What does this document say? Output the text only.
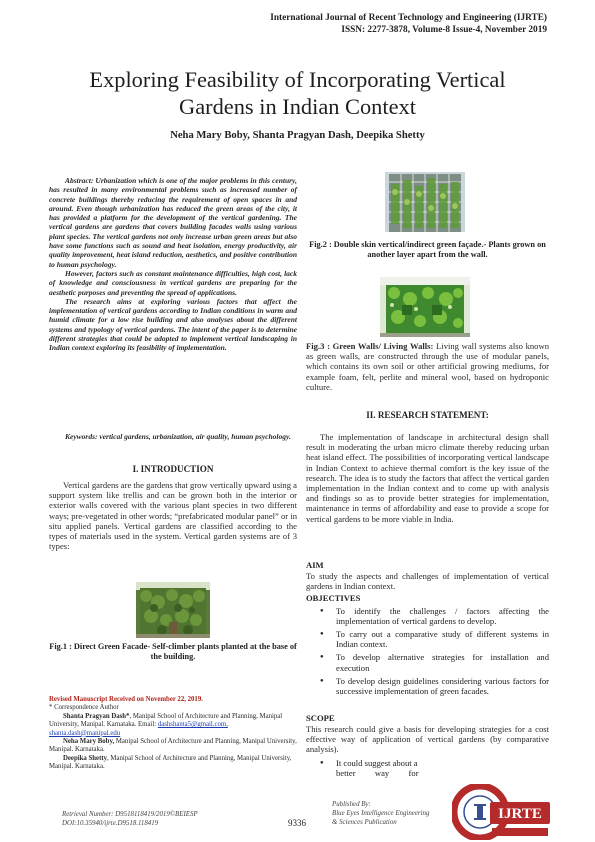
International Journal of Recent Technology and Engineering (IJRTE)
ISSN: 2277-3878, Volume-8 Issue-4, November 2019
Exploring Feasibility of Incorporating Vertical
Gardens in Indian Context
Neha Mary Boby, Shanta Pragyan Dash, Deepika Shetty

Abstract: Urbanization which is one of the major problems in this century, has resulted in many environmental problems such as increased number of concrete buildings thereby reducing the requirement of open spaces in and around. Even though urbanization has reduced the green areas of the city, it has provided a platform for the development of the vertical gardening. The vertical gardens are gardens that covers building facades walls using various plant species. The vertical gardens not only increase urban green areas but also have some functions such as sound and heat isolation, energy productivity, air quality improvement, heat island reduction, aesthetics, and positive contribution to human psychology.

However, factors such as constant maintenance difficulties, high cost, lack of knowledge and consciousness in vertical gardens are preparing for the aesthetic purposes and preventing the spread of applications.

The research aims at exploring various factors that affect the implementation of vertical gardens according to Indian conditions in warm and humid climate for a low rise building and also analyses about the different systems and typology of vertical gardens. The intent of the paper is to determine different strategies that could be adopted to implement vertical landscaping in Indian context exploring its feasibility of implementation.

Keywords: vertical gardens, urbanization, air quality, human psychology.
I. INTRODUCTION
Vertical gardens are the gardens that grow vertically upward using a support system like trellis and can be grown both in the interior or exterior walls covered with the various plant species in two different ways; pre-vegetated in other words; “prefabricated modular panel” or in situ applied panels. Vertical gardens are classified according to the types of materials used in the system. Vertical garden systems are of 3 types:
Fig.1 : Direct Green Facade- Self-climber plants planted at the base of the building.
Revised Manuscript Received on November 22, 2019.
* Correspondence Author
Shanta Pragyan Dash*, Manipal School of Architecture and Planning, Manipal University, Manipal. Karnataka. Email: dashshanta5@gmail.com, shanta.dash@manipal.edu
Neha Mary Boby, Manipal School of Architecture and Planning, Manipal University, Manipal. Karnataka.
Deepika Shetty, Manipal School of Architecture and Planning, Manipal University, Manipal. Karnataka.
Fig.2 : Double skin vertical/indirect green façade.- Plants grown on another layer apart from the wall.
Fig.3 : Green Walls/ Living Walls: Living wall systems also known as green walls, are constructed through the use of modular panels, which contains its own soil or other artificial growing mediums, for example foam, felt, perlite and mineral wool, based on hydroponic culture.
II. RESEARCH STATEMENT:
The implementation of landscape in architectural design shall result in moderating the urban micro climate thereby reducing urban heat island effect. The possibilities of incorporating vertical landscape in Indian Context to achieve thermal comfort is the key issue of the research. The idea is to study the factors that affect the vertical garden implementation in the Indian context and to come up with analysis and findings so as to provide better strategies for implementation, maintenance in terms of affordability and ease to provide a scope for vertical gardens to be more viable in India.
AIM
To study the aspects and challenges of implementation of vertical gardens in Indian context.
OBJECTIVES
● To identify the challenges / factors affecting the implementation of vertical gardens to develop.
● To carry out a comparative study of different systems in Indian context.
● To develop alternative strategies for installation and execution
● To develop design guidelines considering various factors for successive implementation of green facades.
SCOPE
This research could give a basis for developing strategies for a cost effective way of application of vertical gardens (by comparative analysis).
● It could suggest about a
better         way         for
Retrieval Number: D9518118419/2019©BEIESP
DOI:10.35940/ijrte.D9518.118419	9336
Published By:
Blue Eyes Intelligence Engineering
& Sciences Publication
IJRTE
